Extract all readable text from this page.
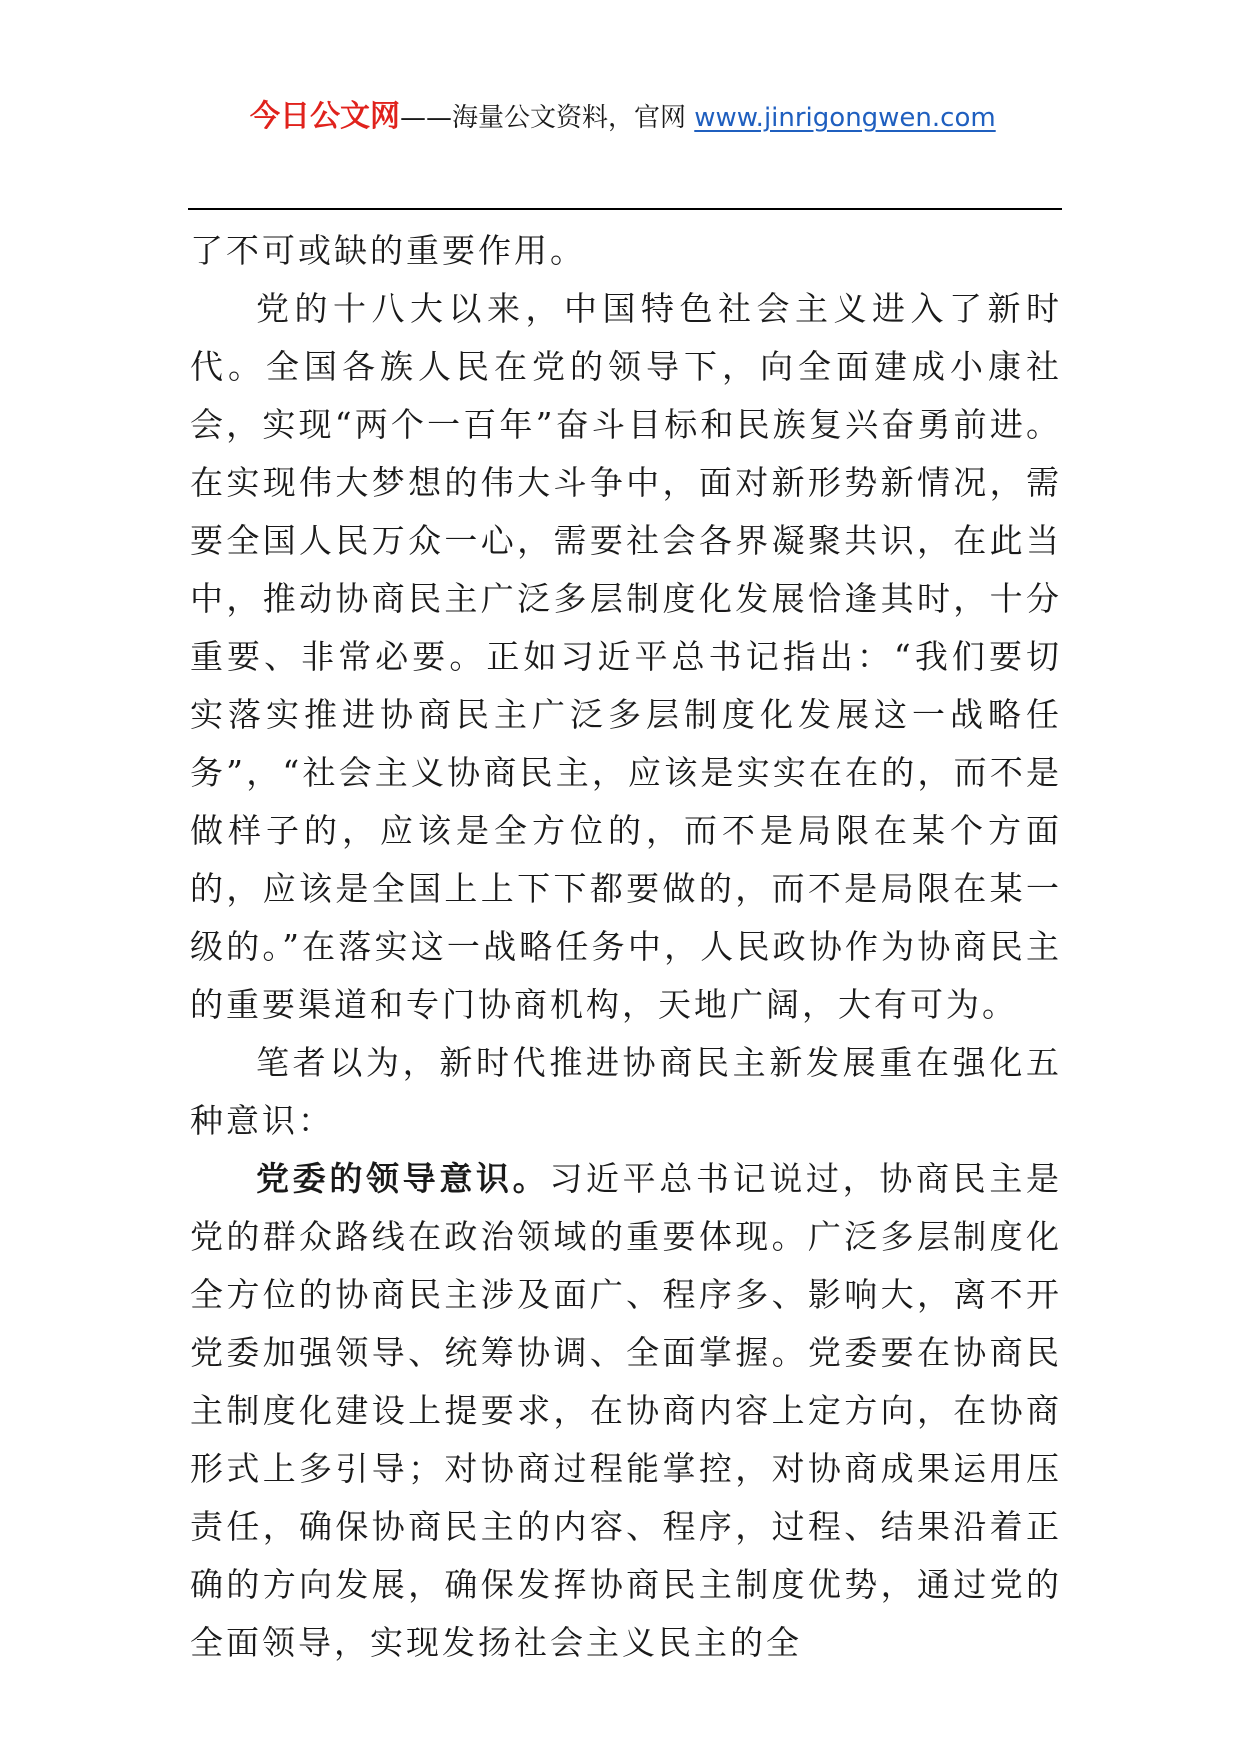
今日公文网——海量公文资料，官网 www.jinrigongwen.com

了不可或缺的重要作用。

党的十八大以来，中国特色社会主义进入了新时代。全国各族人民在党的领导下，向全面建成小康社会，实现“两个一百年”奋斗目标和民族复兴奋勇前进。在实现伟大梦想的伟大斗争中，面对新形势新情况，需要全国人民万众一心，需要社会各界凝聚共识，在此当中，推动协商民主广泛多层制度化发展恰逢其时，十分重要、非常必要。正如习近平总书记指出：“我们要切实落实推进协商民主广泛多层制度化发展这一战略任务”，“社会主义协商民主，应该是实实在在的，而不是做样子的，应该是全方位的，而不是局限在某个方面的，应该是全国上上下下都要做的，而不是局限在某一级的。”在落实这一战略任务中，人民政协作为协商民主的重要渠道和专门协商机构，天地广阔，大有可为。

笔者以为，新时代推进协商民主新发展重在强化五种意识：

党委的领导意识。习近平总书记说过，协商民主是党的群众路线在政治领域的重要体现。广泛多层制度化全方位的协商民主涉及面广、程序多、影响大，离不开党委加强领导、统筹协调、全面掌握。党委要在协商民主制度化建设上提要求，在协商内容上定方向，在协商形式上多引导；对协商过程能掌控，对协商成果运用压责任，确保协商民主的内容、程序，过程、结果沿着正确的方向发展，确保发挥协商民主制度优势，通过党的全面领导，实现发扬社会主义民主的全
